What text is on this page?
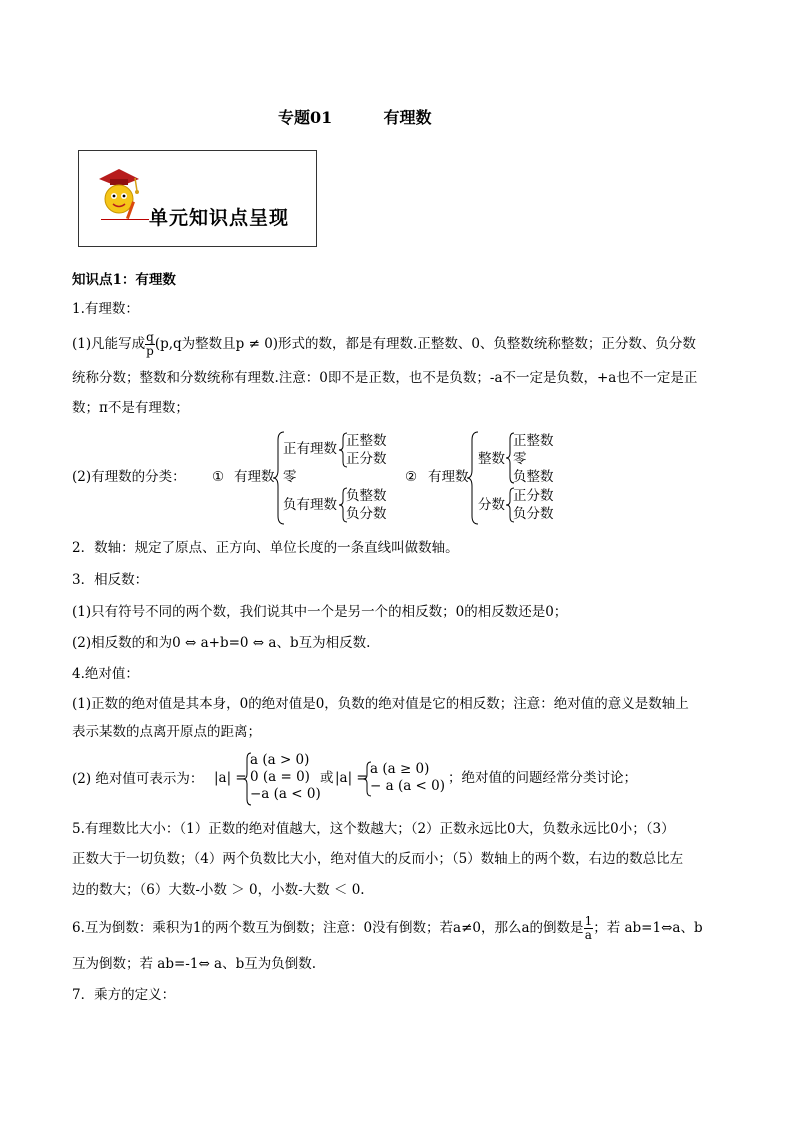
专题01	有理数
单元知识点呈现
知识点1：有理数
1.有理数：
(1)凡能写成 $\frac{q}{p} (p,q$为整数且p ≠ 0)形式的数，都是有理数.正整数、0、负整数统称整数；正分数、负分数
统称分数；整数和分数统称有理数.注意：0即不是正数，也不是负数；-a不一定是负数，+a也不一定是正
数；π不是有理数；
(2)有理数的分类： ① 有理数
正有理数
零
负有理数
正整数
正分数
负整数
负分数
② 有理数
整数
分数
正整数
零
负整数
正分数
负分数
2．数轴：规定了原点、正方向、单位长度的一条直线叫做数轴。
3．相反数：
(1)只有符号不同的两个数，我们说其中一个是另一个的相反数；0的相反数还是0；
(2)相反数的和为0 ⇔ a+b=0 ⇔ a、b互为相反数.
4.绝对值：
(1)正数的绝对值是其本身，0的绝对值是0，负数的绝对值是它的相反数；注意：绝对值的意义是数轴上
表示某数的点离开原点的距离；
(2) 绝对值可表示为： |a| =
a (a > 0)
0 (a = 0)
−a (a < 0)
或 |a| =
a (a ≥ 0)
− a (a < 0) ；绝对值的问题经常分类讨论；
5.有理数比大小：（1）正数的绝对值越大，这个数越大；（2）正数永远比0大，负数永远比0小；（3）
正数大于一切负数；（4）两个负数比大小，绝对值大的反而小；（5）数轴上的两个数，右边的数总比左
边的数大；（6）大数-小数 ＞ 0，小数-大数 ＜ 0.
6.互为倒数：乘积为1的两个数互为倒数；注意：0没有倒数；若a≠0，那么a的倒数是 $\frac{1}{a}$ ；若 ab=1⇔a、b
互为倒数；若 ab=-1⇔ a、b互为负倒数.
7．乘方的定义：
